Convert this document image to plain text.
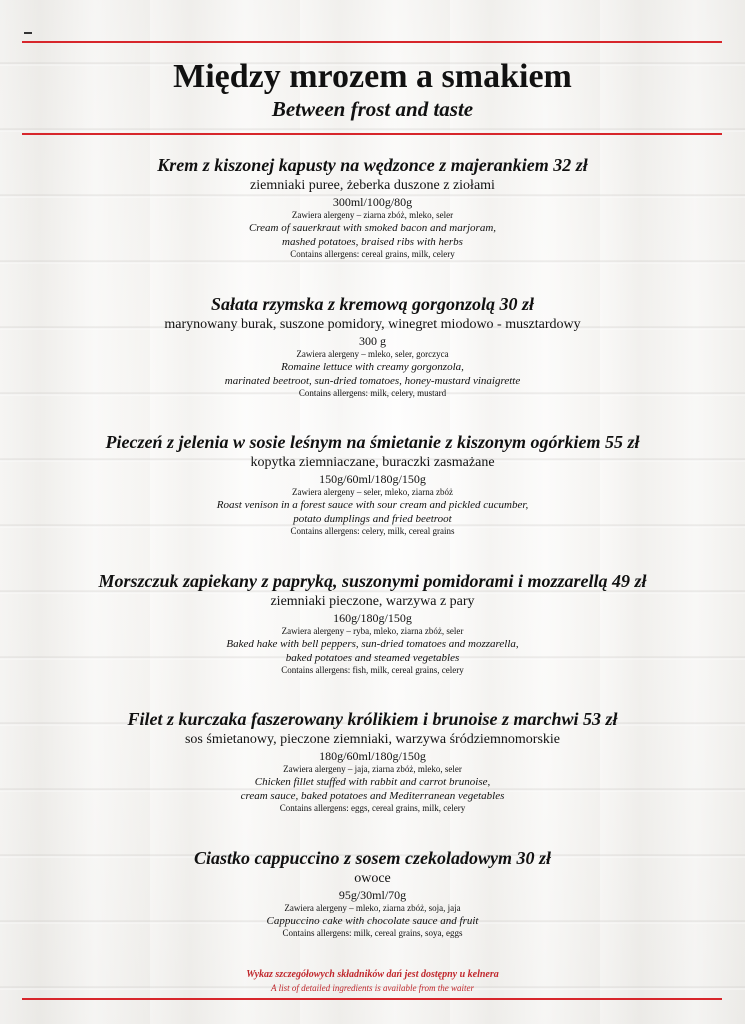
Między mrozem a smakiem
Between frost and taste
Krem z kiszonej kapusty na wędzonce z majerankiem 32 zł
ziemniaki puree, żeberka duszone z ziołami
300ml/100g/80g
Zawiera alergeny – ziarna zbóż, mleko, seler
Cream of sauerkraut with smoked bacon and marjoram,
mashed potatoes, braised ribs with herbs
Contains allergens: cereal grains, milk, celery
Sałata rzymska z kremową gorgonzolą 30 zł
marynowany burak, suszone pomidory, winegret miodowo - musztardowy
300 g
Zawiera alergeny – mleko, seler, gorczyca
Romaine lettuce with creamy gorgonzola,
marinated beetroot, sun-dried tomatoes, honey-mustard vinaigrette
Contains allergens: milk, celery, mustard
Pieczeń z jelenia w sosie leśnym na śmietanie z kiszonym ogórkiem 55 zł
kopytka ziemniaczane, buraczki zasmażane
150g/60ml/180g/150g
Zawiera alergeny – seler, mleko, ziarna zbóż
Roast venison in a forest sauce with sour cream and pickled cucumber,
potato dumplings and fried beetroot
Contains allergens: celery, milk, cereal grains
Morszczuk zapiekany z papryką, suszonymi pomidorami i mozzarellą 49 zł
ziemniaki pieczone, warzywa z pary
160g/180g/150g
Zawiera alergeny – ryba, mleko, ziarna zbóż, seler
Baked hake with bell peppers, sun-dried tomatoes and mozzarella,
baked potatoes and steamed vegetables
Contains allergens: fish, milk, cereal grains, celery
Filet z kurczaka faszerowany królikiem i brunoise z marchwi 53 zł
sos śmietanowy, pieczone ziemniaki, warzywa śródziemnomorskie
180g/60ml/180g/150g
Zawiera alergeny – jaja, ziarna zbóż, mleko, seler
Chicken fillet stuffed with rabbit and carrot brunoise,
cream sauce, baked potatoes and Mediterranean vegetables
Contains allergens: eggs, cereal grains, milk, celery
Ciastko cappuccino z sosem czekoladowym 30 zł
owoce
95g/30ml/70g
Zawiera alergeny – mleko, ziarna zbóż, soja, jaja
Cappuccino cake with chocolate sauce and fruit
Contains allergens: milk, cereal grains, soya, eggs
Wykaz szczegółowych składników dań jest dostępny u kelnera
A list of detailed ingredients is available from the waiter
